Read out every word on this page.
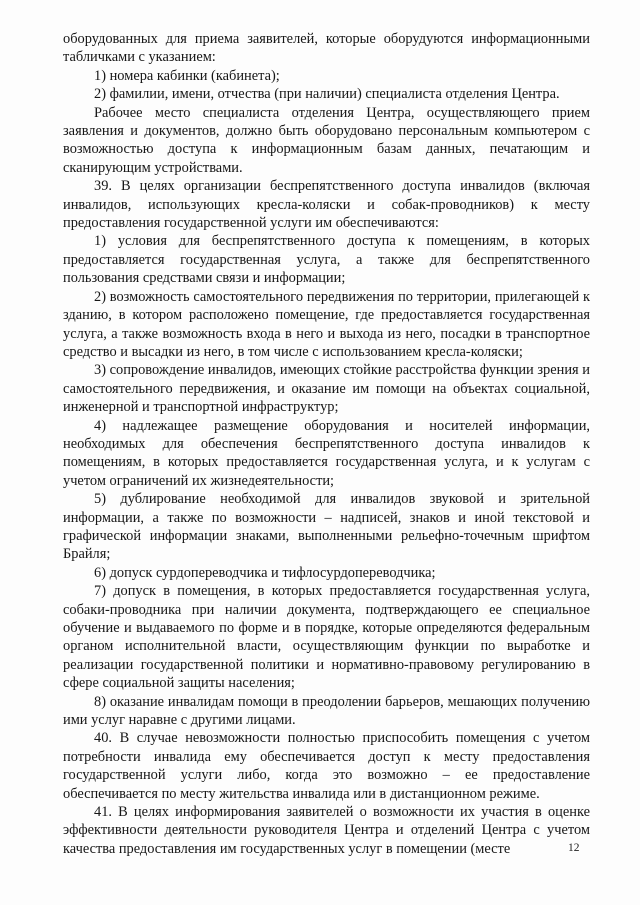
оборудованных для приема заявителей, которые оборудуются информационными табличками с указанием:

1) номера кабинки (кабинета);

2) фамилии, имени, отчества (при наличии) специалиста отделения Центра.

Рабочее место специалиста отделения Центра, осуществляющего прием заявления и документов, должно быть оборудовано персональным компьютером с возможностью доступа к информационным базам данных, печатающим и сканирующим устройствами.

39. В целях организации беспрепятственного доступа инвалидов (включая инвалидов, использующих кресла-коляски и собак-проводников) к месту предоставления государственной услуги им обеспечиваются:

1) условия для беспрепятственного доступа к помещениям, в которых предоставляется государственная услуга, а также для беспрепятственного пользования средствами связи и информации;

2) возможность самостоятельного передвижения по территории, прилегающей к зданию, в котором расположено помещение, где предоставляется государственная услуга, а также возможность входа в него и выхода из него, посадки в транспортное средство и высадки из него, в том числе с использованием кресла-коляски;

3) сопровождение инвалидов, имеющих стойкие расстройства функции зрения и самостоятельного передвижения, и оказание им помощи на объектах социальной, инженерной и транспортной инфраструктур;

4) надлежащее размещение оборудования и носителей информации, необходимых для обеспечения беспрепятственного доступа инвалидов к помещениям, в которых предоставляется государственная услуга, и к услугам с учетом ограничений их жизнедеятельности;

5) дублирование необходимой для инвалидов звуковой и зрительной информации, а также по возможности – надписей, знаков и иной текстовой и графической информации знаками, выполненными рельефно-точечным шрифтом Брайля;

6) допуск сурдопереводчика и тифлосурдопереводчика;

7) допуск в помещения, в которых предоставляется государственная услуга, собаки-проводника при наличии документа, подтверждающего ее специальное обучение и выдаваемого по форме и в порядке, которые определяются федеральным органом исполнительной власти, осуществляющим функции по выработке и реализации государственной политики и нормативно-правовому регулированию в сфере социальной защиты населения;

8) оказание инвалидам помощи в преодолении барьеров, мешающих получению ими услуг наравне с другими лицами.

40. В случае невозможности полностью приспособить помещения с учетом потребности инвалида ему обеспечивается доступ к месту предоставления государственной услуги либо, когда это возможно – ее предоставление обеспечивается по месту жительства инвалида или в дистанционном режиме.

41. В целях информирования заявителей о возможности их участия в оценке эффективности деятельности руководителя Центра и отделений Центра с учетом качества предоставления им государственных услуг в помещении (месте	12
